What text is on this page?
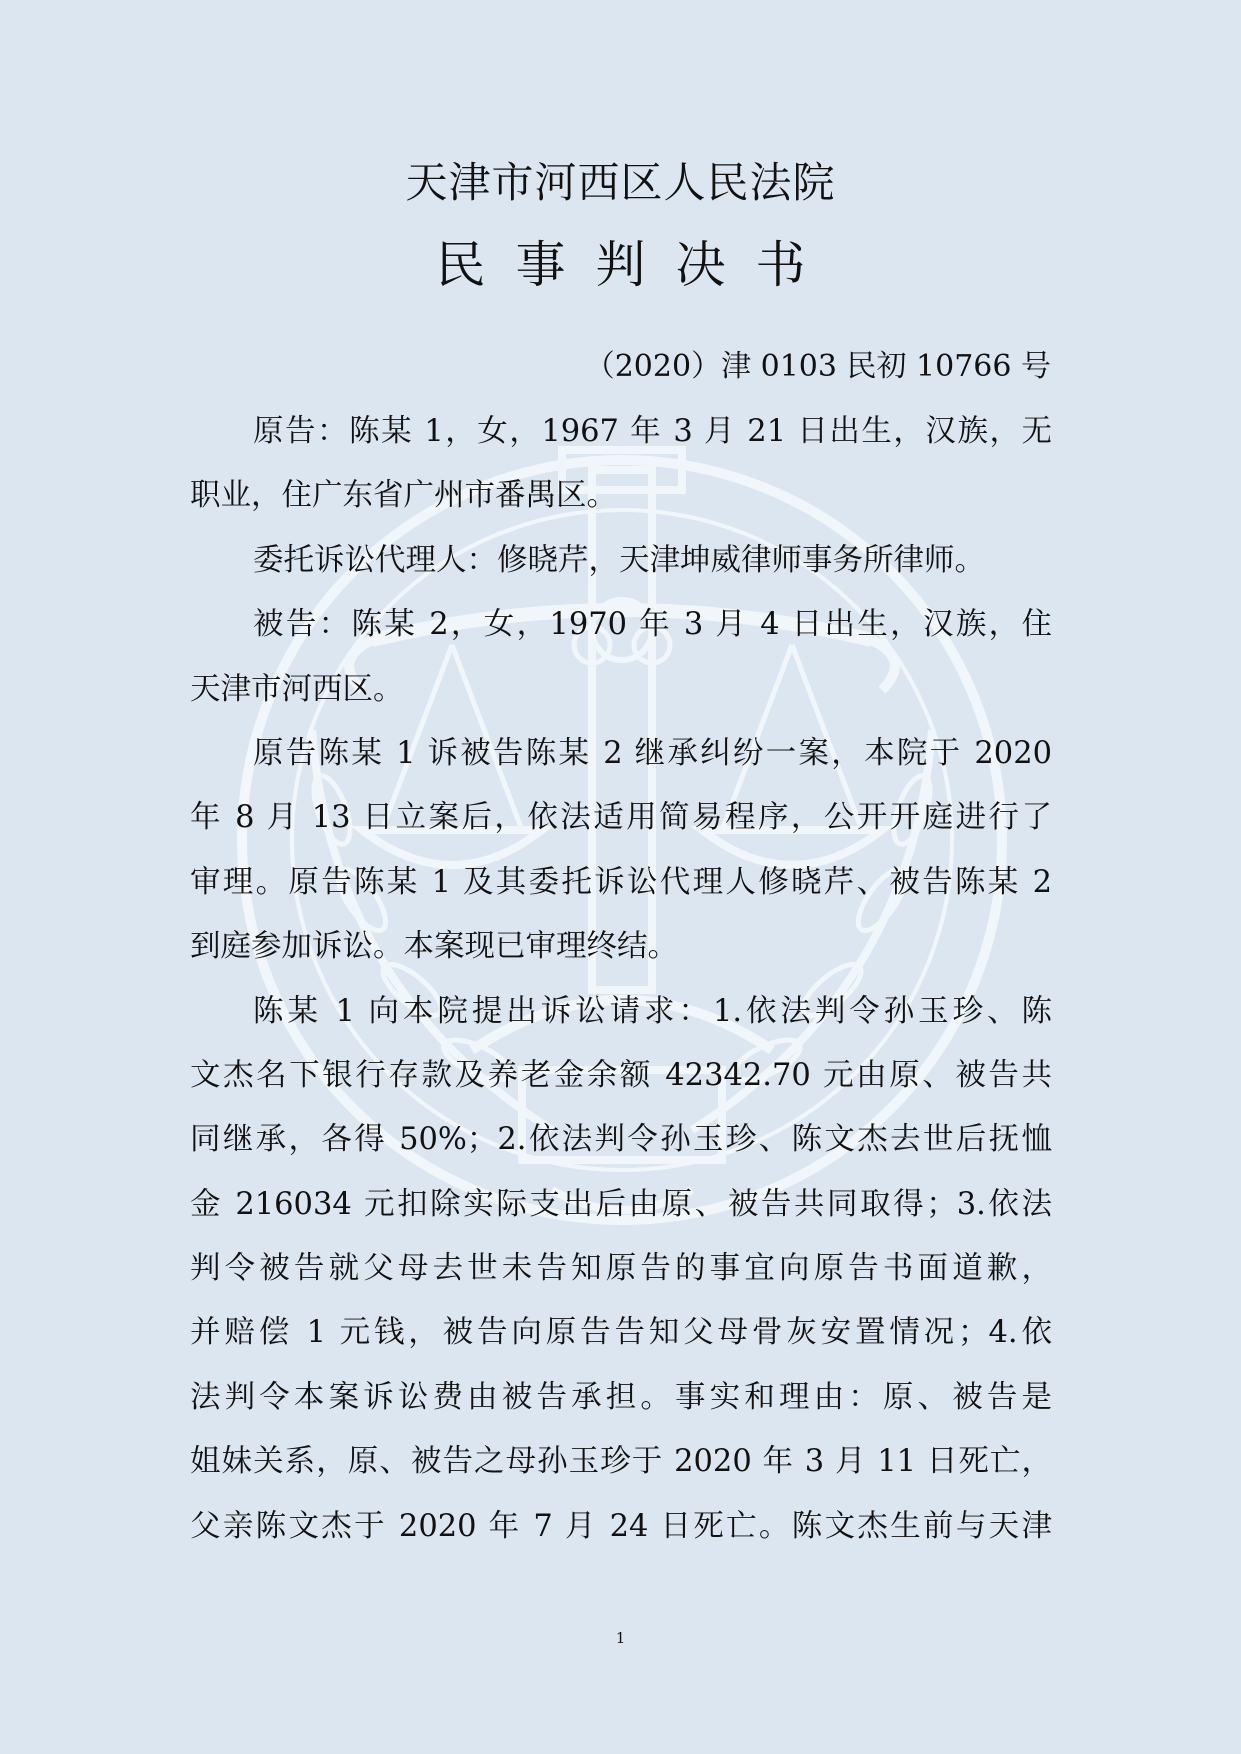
天津市河西区人民法院
民事判决书
（2020）津 0103 民初 10766 号
原告：陈某 1，女，1967 年 3 月 21 日出生，汉族，无
职业，住广东省广州市番禺区。
委托诉讼代理人：修晓芹，天津坤威律师事务所律师。
被告：陈某 2，女，1970 年 3 月 4 日出生，汉族，住
天津市河西区。
原告陈某 1 诉被告陈某 2 继承纠纷一案，本院于 2020
年 8 月 13 日立案后，依法适用简易程序，公开开庭进行了
审理。原告陈某 1 及其委托诉讼代理人修晓芹、被告陈某 2
到庭参加诉讼。本案现已审理终结。
陈某 1 向本院提出诉讼请求：1.依法判令孙玉珍、陈
文杰名下银行存款及养老金余额 42342.70 元由原、被告共
同继承，各得 50%；2.依法判令孙玉珍、陈文杰去世后抚恤
金 216034 元扣除实际支出后由原、被告共同取得；3.依法
判令被告就父母去世未告知原告的事宜向原告书面道歉，
并赔偿 1 元钱，被告向原告告知父母骨灰安置情况；4.依
法判令本案诉讼费由被告承担。事实和理由：原、被告是
姐妹关系，原、被告之母孙玉珍于 2020 年 3 月 11 日死亡，
父亲陈文杰于 2020 年 7 月 24 日死亡。陈文杰生前与天津
1
